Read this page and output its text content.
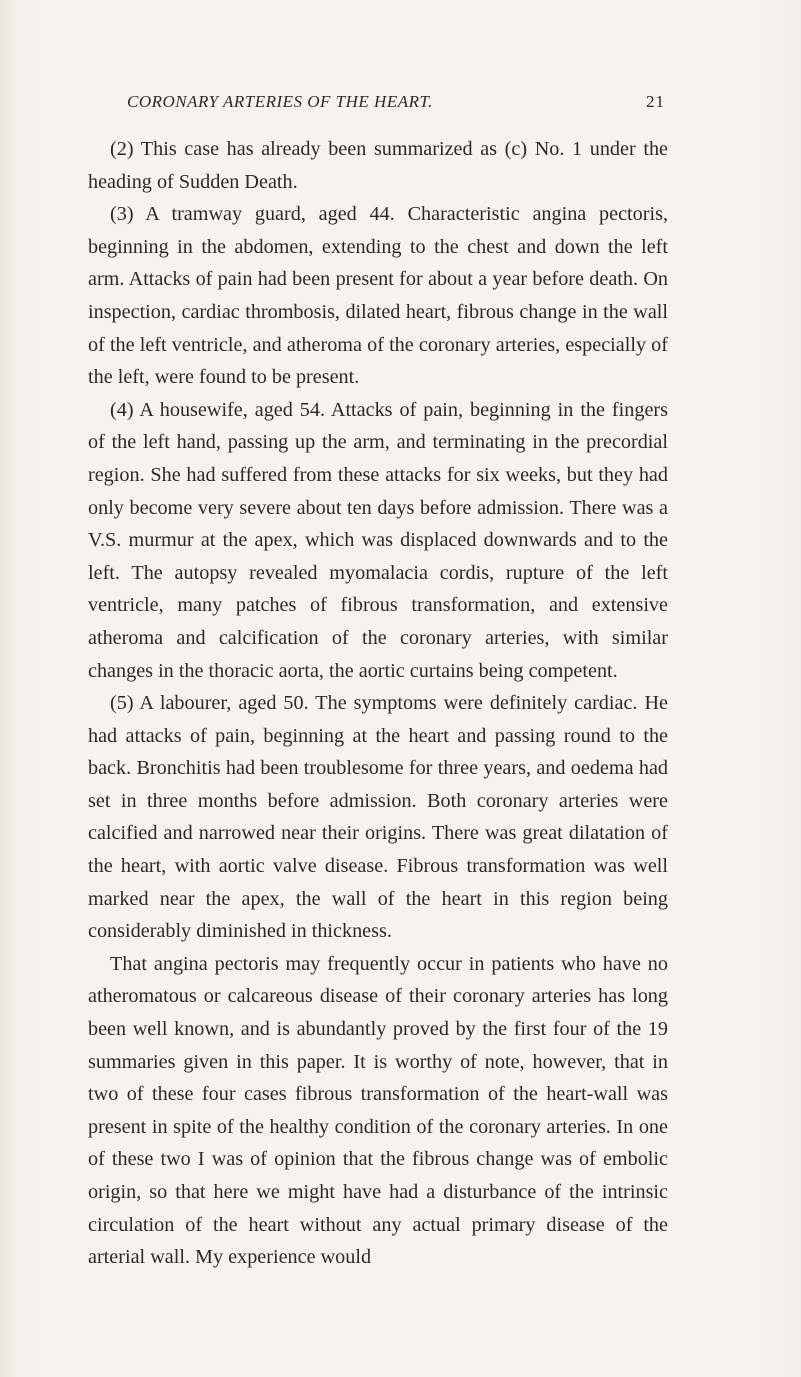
CORONARY ARTERIES OF THE HEART.	21

(2) This case has already been summarized as (c) No. 1 under the heading of Sudden Death.

(3) A tramway guard, aged 44. Characteristic angina pectoris, beginning in the abdomen, extending to the chest and down the left arm. Attacks of pain had been present for about a year before death. On inspection, cardiac thrombosis, dilated heart, fibrous change in the wall of the left ventricle, and atheroma of the coronary arteries, especially of the left, were found to be present.

(4) A housewife, aged 54. Attacks of pain, beginning in the fingers of the left hand, passing up the arm, and terminating in the precordial region. She had suffered from these attacks for six weeks, but they had only become very severe about ten days before admission. There was a V.S. murmur at the apex, which was displaced downwards and to the left. The autopsy revealed myomalacia cordis, rupture of the left ventricle, many patches of fibrous transformation, and extensive atheroma and calcification of the coronary arteries, with similar changes in the thoracic aorta, the aortic curtains being competent.

(5) A labourer, aged 50. The symptoms were definitely cardiac. He had attacks of pain, beginning at the heart and passing round to the back. Bronchitis had been troublesome for three years, and oedema had set in three months before admission. Both coronary arteries were calcified and narrowed near their origins. There was great dilatation of the heart, with aortic valve disease. Fibrous transformation was well marked near the apex, the wall of the heart in this region being considerably diminished in thickness.

That angina pectoris may frequently occur in patients who have no atheromatous or calcareous disease of their coronary arteries has long been well known, and is abundantly proved by the first four of the 19 summaries given in this paper. It is worthy of note, however, that in two of these four cases fibrous transformation of the heart-wall was present in spite of the healthy condition of the coronary arteries. In one of these two I was of opinion that the fibrous change was of embolic origin, so that here we might have had a disturbance of the intrinsic circulation of the heart without any actual primary disease of the arterial wall. My experience would
